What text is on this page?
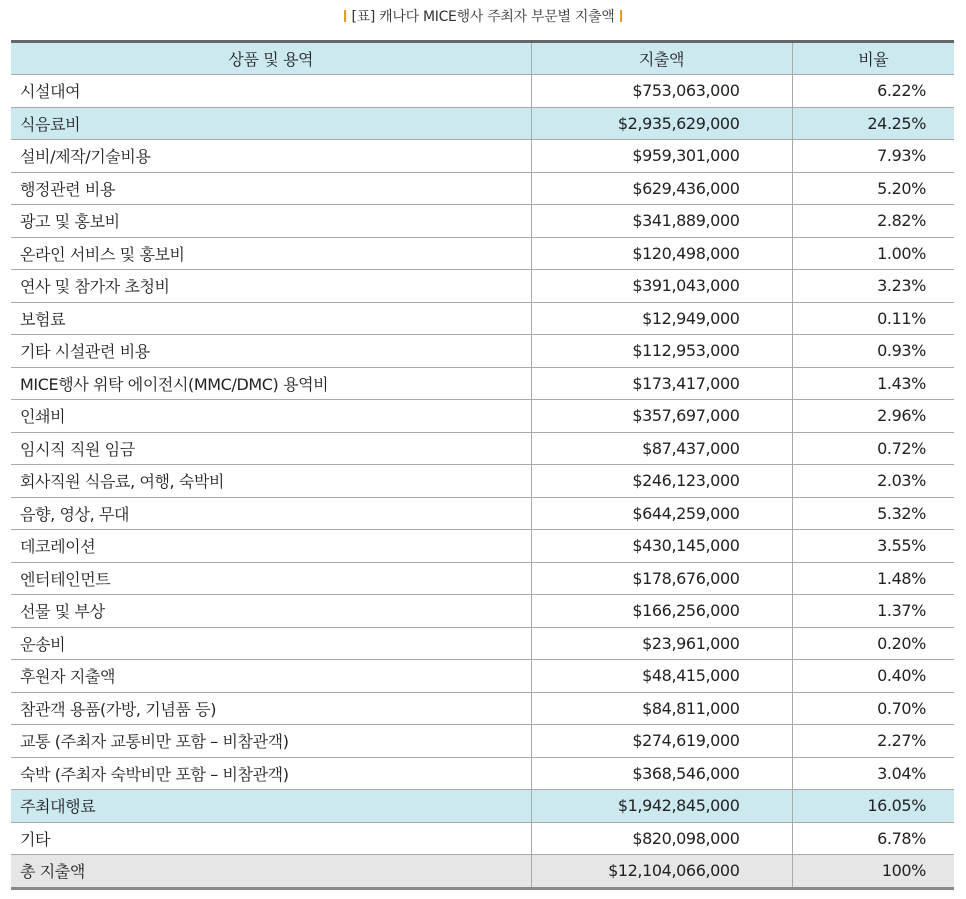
[표] 캐나다 MICE행사 주최자 부문별 지출액
상품 및 용역	지출액	비율
시설대여	$753,063,000	6.22%
식음료비	$2,935,629,000	24.25%
설비/제작/기술비용	$959,301,000	7.93%
행정관련 비용	$629,436,000	5.20%
광고 및 홍보비	$341,889,000	2.82%
온라인 서비스 및 홍보비	$120,498,000	1.00%
연사 및 참가자 초청비	$391,043,000	3.23%
보험료	$12,949,000	0.11%
기타 시설관련 비용	$112,953,000	0.93%
MICE행사 위탁 에이전시(MMC/DMC) 용역비	$173,417,000	1.43%
인쇄비	$357,697,000	2.96%
임시직 직원 임금	$87,437,000	0.72%
회사직원 식음료, 여행, 숙박비	$246,123,000	2.03%
음향, 영상, 무대	$644,259,000	5.32%
데코레이션	$430,145,000	3.55%
엔터테인먼트	$178,676,000	1.48%
선물 및 부상	$166,256,000	1.37%
운송비	$23,961,000	0.20%
후원자 지출액	$48,415,000	0.40%
참관객 용품(가방, 기념품 등)	$84,811,000	0.70%
교통 (주최자 교통비만 포함 – 비참관객)	$274,619,000	2.27%
숙박 (주최자 숙박비만 포함 – 비참관객)	$368,546,000	3.04%
주최대행료	$1,942,845,000	16.05%
기타	$820,098,000	6.78%
총 지출액	$12,104,066,000	100%
